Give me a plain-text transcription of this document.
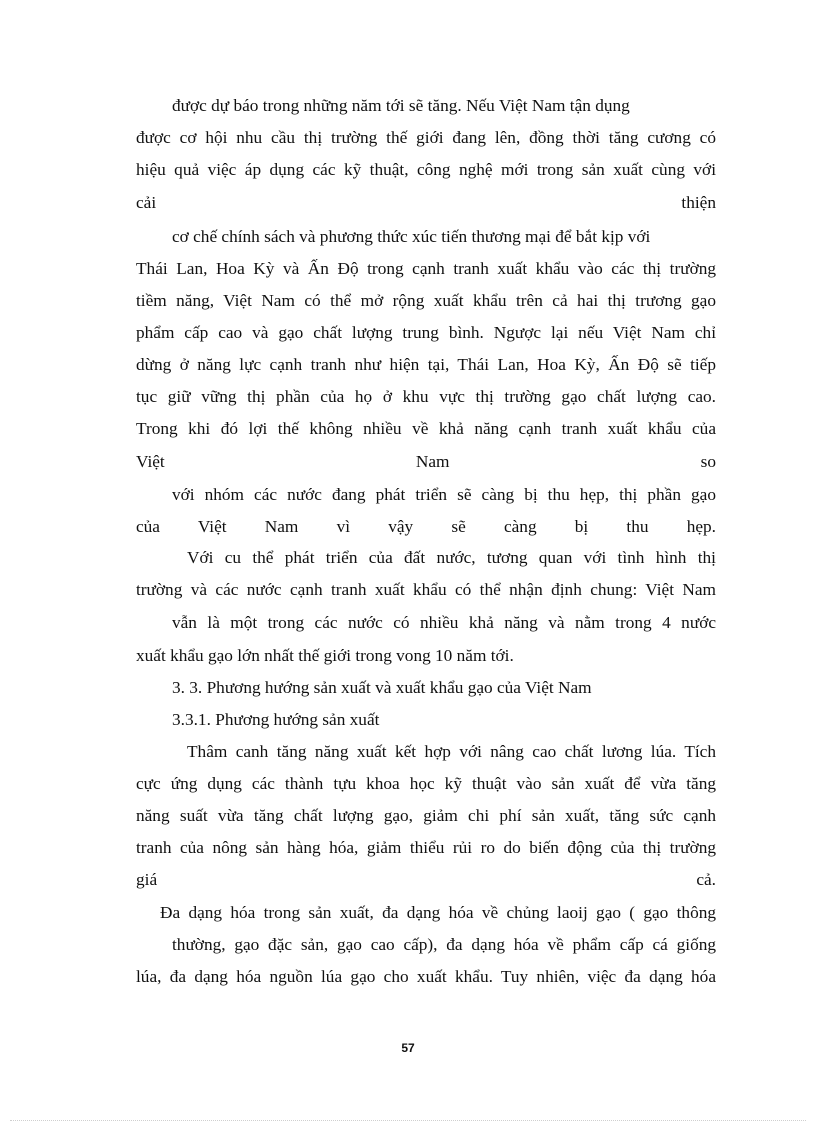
được dự báo trong những năm tới sẽ tăng. Nếu Việt Nam tận dụng
được cơ hội nhu cầu thị trường thế giới đang lên, đồng thời tăng cương có
hiệu quả việc áp dụng các kỹ thuật, công nghệ mới trong sản xuất cùng với
cải thiện
cơ chế chính sách và phương thức xúc tiến thương mại để bắt kịp với
Thái Lan, Hoa Kỳ và Ấn Độ trong cạnh tranh xuất khẩu vào các thị trường
tiềm năng, Việt Nam có thể mở rộng xuất khẩu trên cả hai thị trương gạo
phẩm cấp cao và gạo chất lượng trung bình. Ngược lại nếu Việt Nam chỉ
dừng ở năng lực cạnh tranh như hiện tại, Thái Lan, Hoa Kỳ, Ấn Độ sẽ tiếp
tục giữ vững thị phần của họ ở khu vực thị trường gạo chất lượng cao.
Trong khi đó lợi thế không nhiều về khả năng cạnh tranh xuất khẩu của
Việt Nam so
với nhóm các nước đang phát triển sẽ càng bị thu hẹp, thị phần gạo
của Việt Nam vì vậy sẽ càng bị thu hẹp.
Với cu thể phát triển của đất nước, tương quan với tình hình thị
trường và các nước cạnh tranh xuất khẩu có thể nhận định chung: Việt Nam
vẫn là một trong các nước có nhiều khả năng và nằm trong 4 nước
xuất khẩu gạo lớn nhất thế giới trong vong 10 năm tới.
3. 3. Phương hướng sản xuất và xuất khẩu gạo của Việt Nam
3.3.1. Phương hướng sản xuất
Thâm canh tăng năng xuất kết hợp với nâng cao chất lương lúa. Tích
cực ứng dụng các thành tựu khoa học kỹ thuật vào sản xuất để vừa tăng
năng suất vừa tăng chất lượng gạo, giảm chi phí sản xuất, tăng sức cạnh
tranh của nông sản hàng hóa, giảm thiểu rủi ro do biến động của thị trường
giá cả.
Đa dạng hóa trong sản xuất, đa dạng hóa về chủng laoij gạo ( gạo thông
thường, gạo đặc sản, gạo cao cấp), đa dạng hóa về phẩm cấp cá giống
lúa, đa dạng hóa nguồn lúa gạo cho xuất khẩu. Tuy nhiên, việc đa dạng hóa
57
